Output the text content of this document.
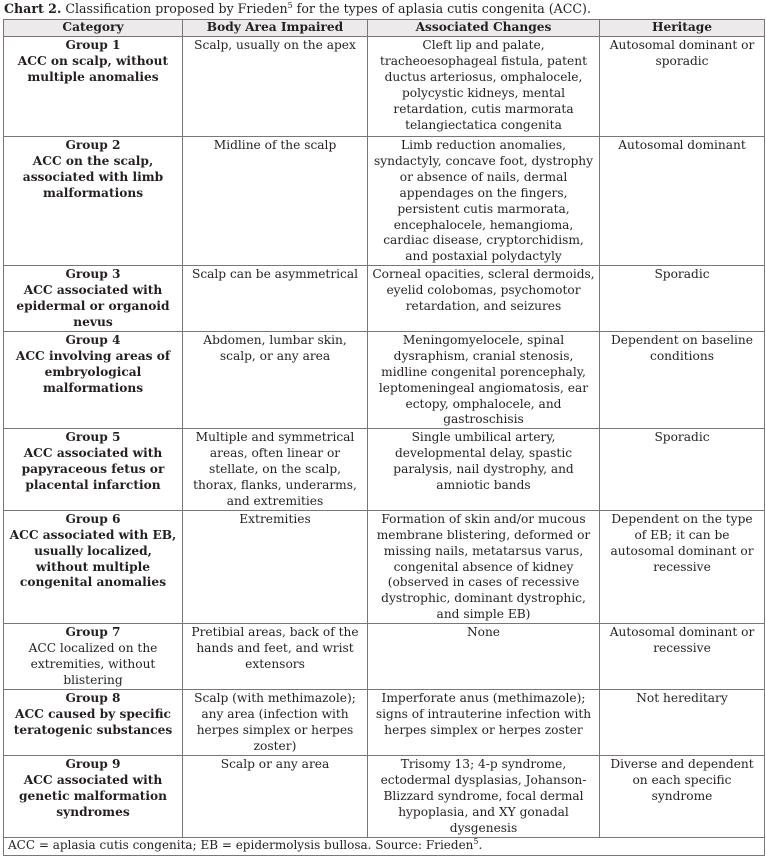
Chart 2. Classification proposed by Frieden$^5$ for the types of aplasia cutis congenita (ACC).
Category	Body Area Impaired	Associated Changes	Heritage
Group 1
ACC on scalp, without multiple anomalies	Scalp, usually on the apex	Cleft lip and palate, tracheoesophageal fistula, patent ductus arteriosus, omphalocele, polycystic kidneys, mental retardation, cutis marmorata telangiectatica congenita	Autosomal dominant or sporadic
Group 2
ACC on the scalp, associated with limb malformations	Midline of the scalp	Limb reduction anomalies, syndactyly, concave foot, dystrophy or absence of nails, dermal appendages on the fingers, persistent cutis marmorata, encephalocele, hemangioma, cardiac disease, cryptorchidism, and postaxial polydactyly	Autosomal dominant
Group 3
ACC associated with epidermal or organoid nevus	Scalp can be asymmetrical	Corneal opacities, scleral dermoids, eyelid colobomas, psychomotor retardation, and seizures	Sporadic
Group 4
ACC involving areas of embryological malformations	Abdomen, lumbar skin, scalp, or any area	Meningomyelocele, spinal dysraphism, cranial stenosis, midline congenital porencephaly, leptomeningeal angiomatosis, ear ectopy, omphalocele, and gastroschisis	Dependent on baseline conditions
Group 5
ACC associated with papyraceous fetus or placental infarction	Multiple and symmetrical areas, often linear or stellate, on the scalp, thorax, flanks, underarms, and extremities	Single umbilical artery, developmental delay, spastic paralysis, nail dystrophy, and amniotic bands	Sporadic
Group 6
ACC associated with EB, usually localized, without multiple congenital anomalies	Extremities	Formation of skin and/or mucous membrane blistering, deformed or missing nails, metatarsus varus, congenital absence of kidney (observed in cases of recessive dystrophic, dominant dystrophic, and simple EB)	Dependent on the type of EB; it can be autosomal dominant or recessive
Group 7
ACC localized on the extremities, without blistering	Pretibial areas, back of the hands and feet, and wrist extensors	None	Autosomal dominant or recessive
Group 8
ACC caused by specific teratogenic substances	Scalp (with methimazole); any area (infection with herpes simplex or herpes zoster)	Imperforate anus (methimazole); signs of intrauterine infection with herpes simplex or herpes zoster	Not hereditary
Group 9
ACC associated with genetic malformation syndromes	Scalp or any area	Trisomy 13; 4-p syndrome, ectodermal dysplasias, Johanson-Blizzard syndrome, focal dermal hypoplasia, and XY gonadal dysgenesis	Diverse and dependent on each specific syndrome
ACC = aplasia cutis congenita; EB = epidermolysis bullosa. Source: Frieden$^5$.			
